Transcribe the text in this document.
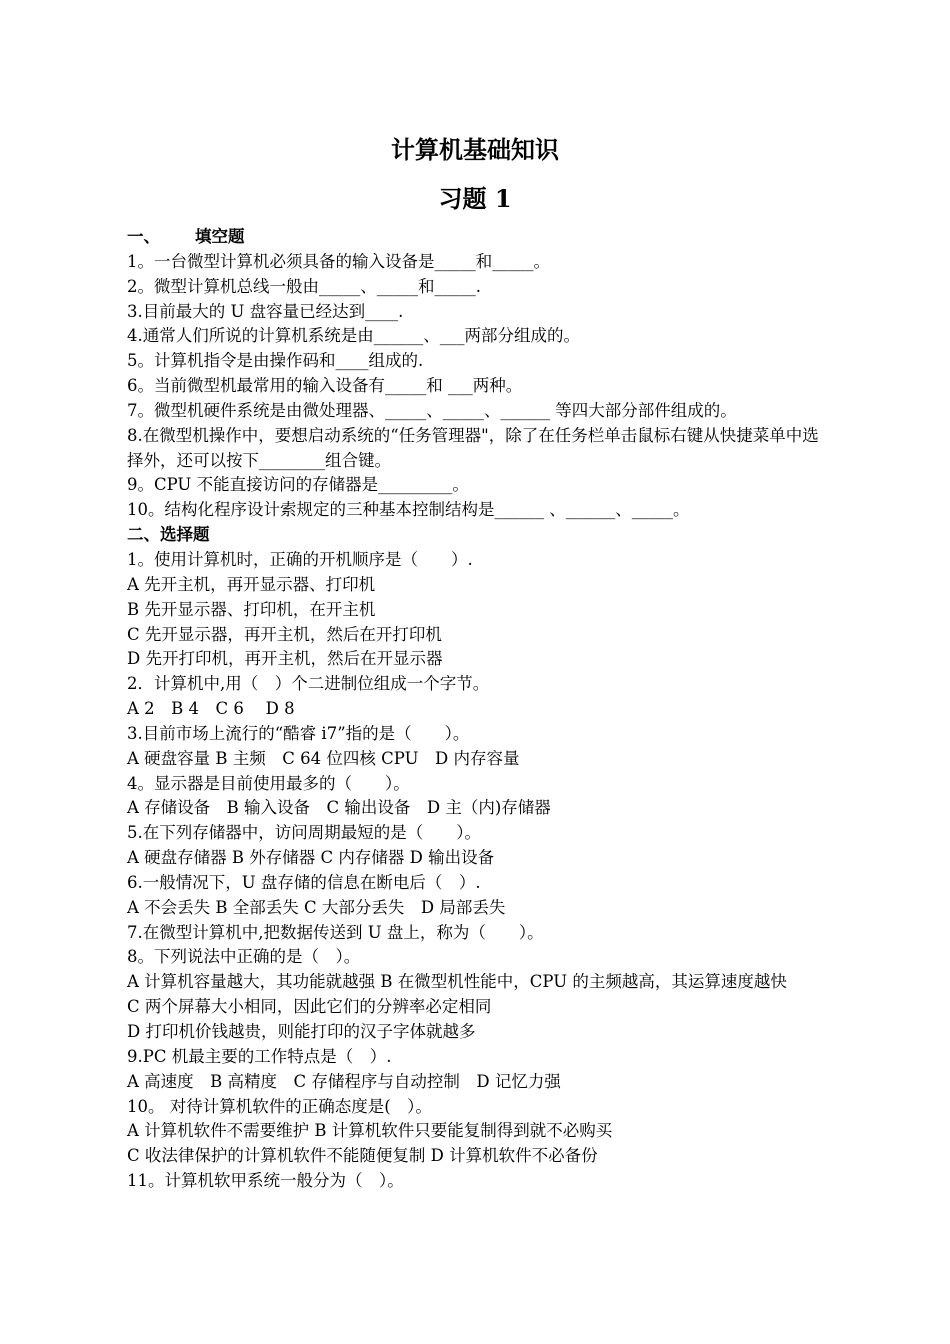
计算机基础知识
习题 1
一、 填空题
1。一台微型计算机必须具备的输入设备是_____和_____。
2。微型计算机总线一般由_____、_____和_____.
3.目前最大的 U 盘容量已经达到____.
4.通常人们所说的计算机系统是由______、___两部分组成的。
5。计算机指令是由操作码和____组成的.
6。当前微型机最常用的输入设备有_____和 ___两种。
7。微型机硬件系统是由微处理器、_____、_____、______ 等四大部分部件组成的。
8.在微型机操作中，要想启动系统的“任务管理器"，除了在任务栏单击鼠标右键从快捷菜单中选择外，还可以按下________组合键。
9。CPU 不能直接访问的存储器是_________。
10。结构化程序设计索规定的三种基本控制结构是______ 、______、_____。
二、选择题
1。使用计算机时，正确的开机顺序是（　　）.
A 先开主机，再开显示器、打印机
B 先开显示器、打印机，在开主机
C 先开显示器，再开主机，然后在开打印机
D 先开打印机，再开主机，然后在开显示器
2．计算机中,用（　）个二进制位组成一个字节。
A 2　B 4　C 6　 D 8
3.目前市场上流行的“酷睿 i7”指的是（　　）。
A 硬盘容量 B 主频　C 64 位四核 CPU　D 内存容量
4。显示器是目前使用最多的（　　）。
A 存储设备　B 输入设备　C 输出设备　D 主（内)存储器
5.在下列存储器中，访问周期最短的是（　　）。
A 硬盘存储器 B 外存储器 C 内存储器 D 输出设备
6.一般情况下，U 盘存储的信息在断电后（　）.
A 不会丢失 B 全部丢失 C 大部分丢失　D 局部丢失
7.在微型计算机中,把数据传送到 U 盘上，称为（　　）。
8。下列说法中正确的是（　）。
A 计算机容量越大，其功能就越强 B 在微型机性能中，CPU 的主频越高，其运算速度越快
C 两个屏幕大小相同，因此它们的分辨率必定相同
D 打印机价钱越贵，则能打印的汉子字体就越多
9.PC 机最主要的工作特点是（　）.
A 高速度　B 高精度　C 存储程序与自动控制　D 记忆力强
10。 对待计算机软件的正确态度是(　）。
A 计算机软件不需要维护 B 计算机软件只要能复制得到就不必购买
C 收法律保护的计算机软件不能随便复制 D 计算机软件不必备份
11。计算机软甲系统一般分为（　）。
